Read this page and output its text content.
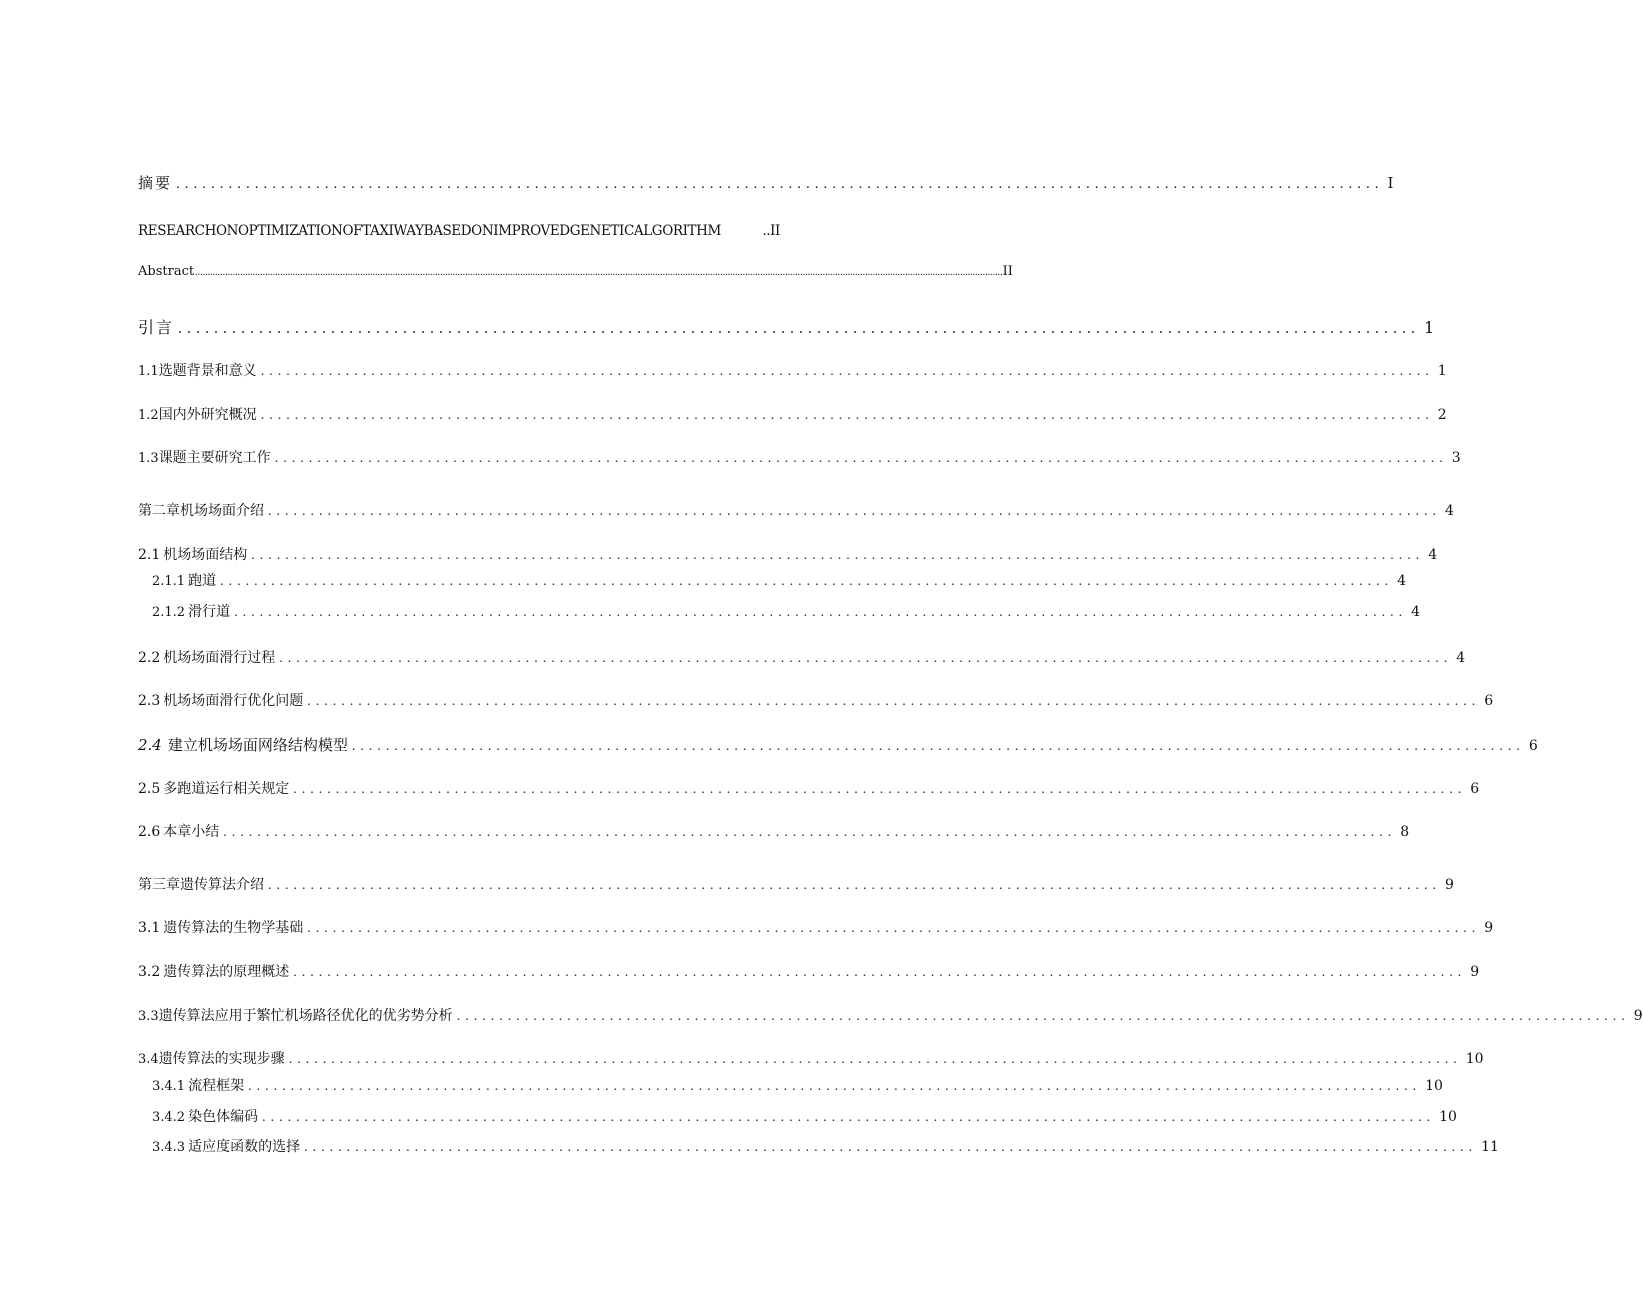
摘要 .......................................................................................................................................... I
RESEARCHONOPTIMIZATIONOFTAXIWAYBASEDONIMPROVEDGENETICALGORITHM	..II
Abstract ................................................................................................................................................................................................................................................................................................................................... II
引言 .......................................................................................................................................... 1
1.1 选题背景和意义 .......................................................................................................................................... 1
1.2 国内外研究概况 .......................................................................................................................................... 2
1.3 课题主要研究工作 .......................................................................................................................................... 3
第二章机场场面介绍 .......................................................................................................................................... 4
2.1 机场场面结构 .......................................................................................................................................... 4
2.1.1 跑道 .......................................................................................................................................... 4
2.1.2 滑行道 .......................................................................................................................................... 4
2.2 机场场面滑行过程 .......................................................................................................................................... 4
2.3 机场场面滑行优化问题 .......................................................................................................................................... 6
2.4 建立机场场面网络结构模型 .......................................................................................................................................... 6
2.5 多跑道运行相关规定 .......................................................................................................................................... 6
2.6 本章小结 .......................................................................................................................................... 8
第三章遗传算法介绍 .......................................................................................................................................... 9
3.1 遗传算法的生物学基础 .......................................................................................................................................... 9
3.2 遗传算法的原理概述 .......................................................................................................................................... 9
3.3 遗传算法应用于繁忙机场路径优化的优劣势分析 .......................................................................................................................................... 9
3.4 遗传算法的实现步骤 .......................................................................................................................................... 10
3.4.1 流程框架 .......................................................................................................................................... 10
3.4.2 染色体编码 .......................................................................................................................................... 10
3.4.3 适应度函数的选择 .......................................................................................................................................... 11
